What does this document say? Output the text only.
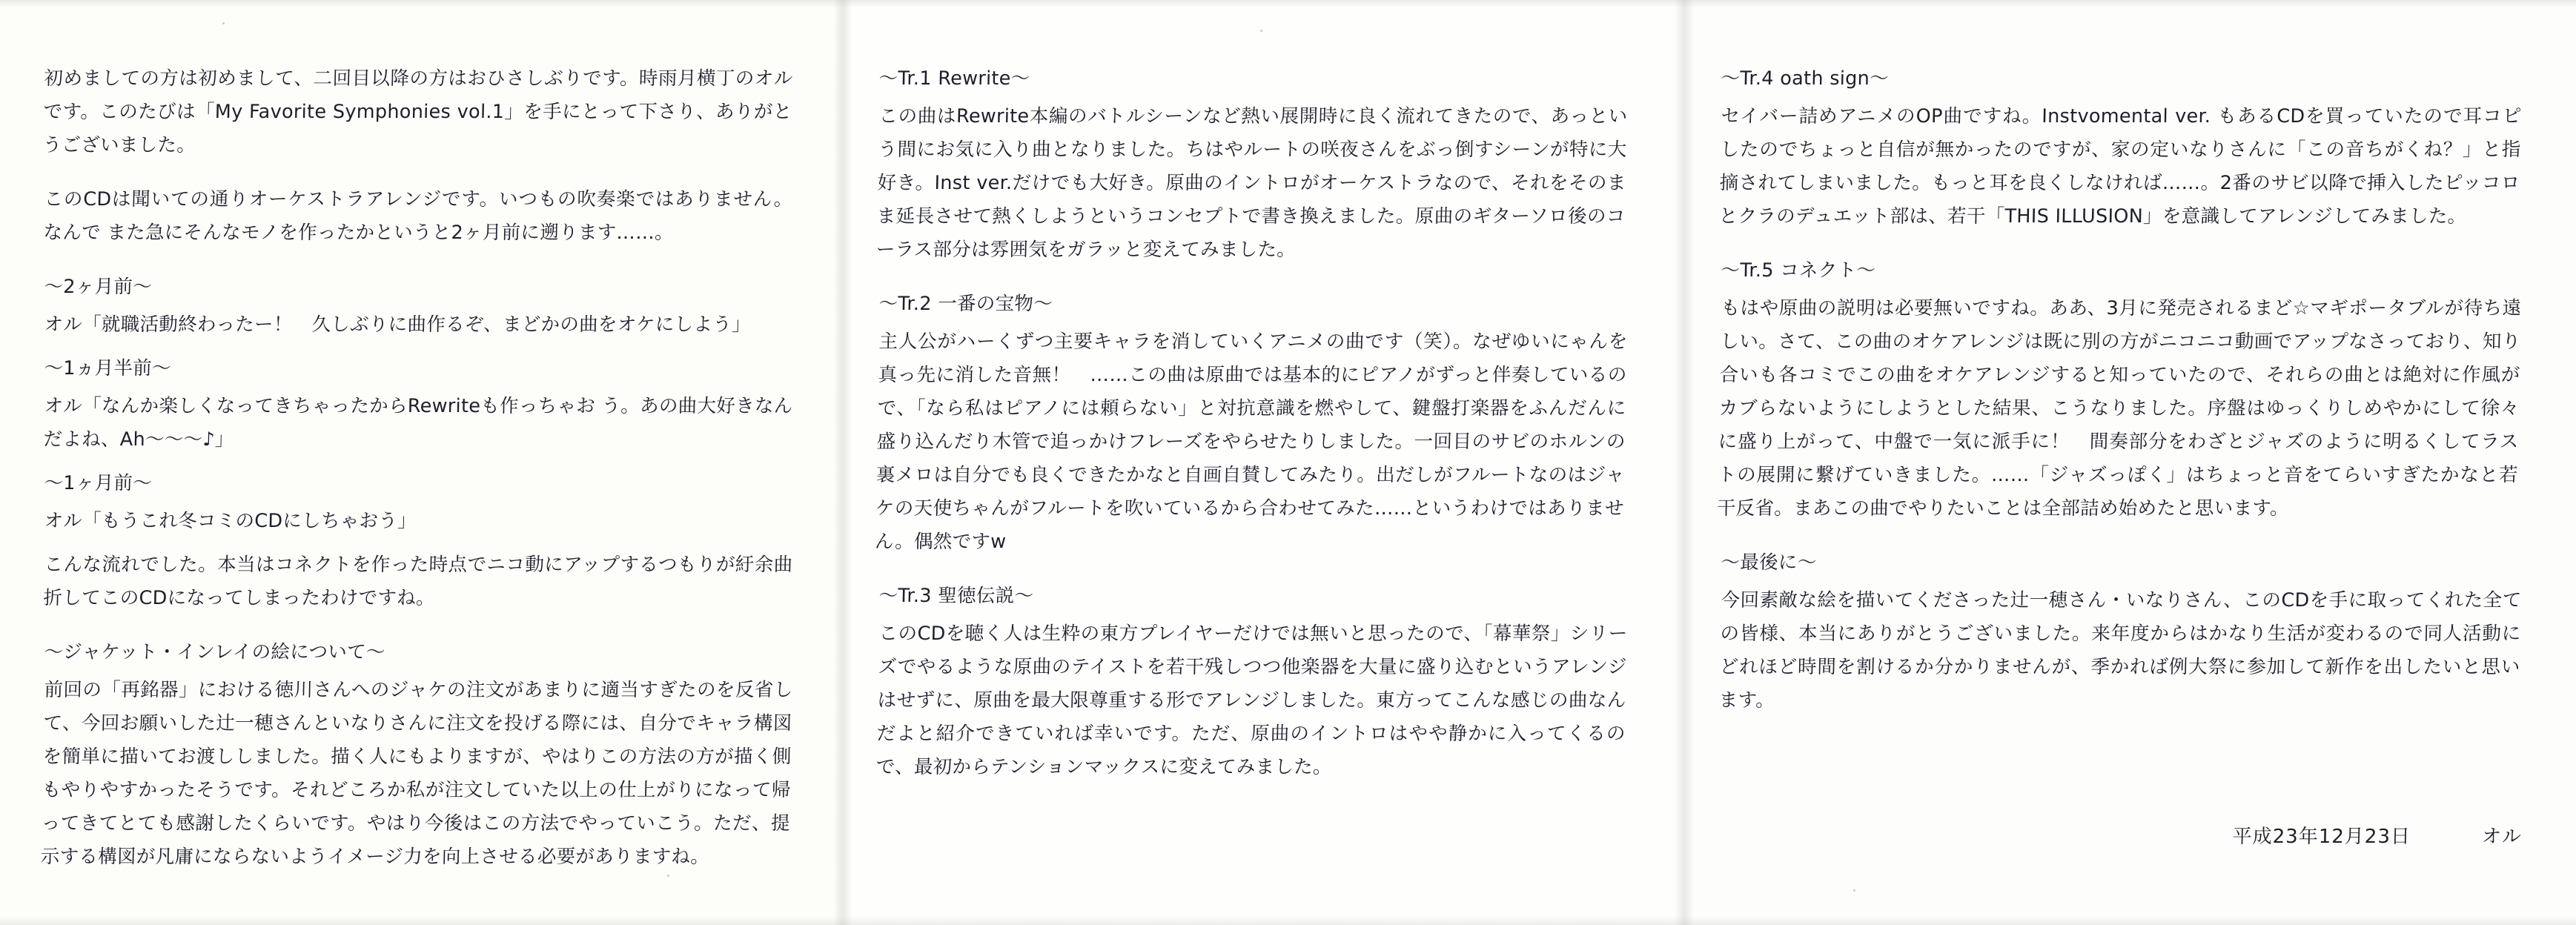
初めましての方は初めまして、二回目以降の方はおひさしぶりです。時雨月横丁のオルです。このたびは「My Favorite Symphonies vol.1」を手にとって下さり、ありがとうございました。

このCDは聞いての通りオーケストラアレンジです。いつもの吹奏楽ではありません。なんで また急にそんなモノを作ったかというと2ヶ月前に遡ります……。

～2ヶ月前～

オル「就職活動終わったー！　久しぶりに曲作るぞ、まどかの曲をオケにしよう」

～1ヵ月半前～

オル「なんか楽しくなってきちゃったからRewriteも作っちゃお う。あの曲大好きなんだよね、Ah～～～♪」

～1ヶ月前～

オル「もうこれ冬コミのCDにしちゃおう」

こんな流れでした。本当はコネクトを作った時点でニコ動にアップするつもりが紆余曲折してこのCDになってしまったわけですね。

～ジャケット・インレイの絵について～

前回の「再銘器」における徳川さんへのジャケの注文があまりに適当すぎたのを反省して、今回お願いした辻一穂さんといなりさんに注文を投げる際には、自分でキャラ構図を簡単に描いてお渡ししました。描く人にもよりますが、やはりこの方法の方が描く側もやりやすかったそうです。それどころか私が注文していた以上の仕上がりになって帰ってきてとても感謝したくらいです。やはり今後はこの方法でやっていこう。ただ、提示する構図が凡庸にならないようイメージ力を向上させる必要がありますね。

～Tr.1 Rewrite～

この曲はRewrite本編のバトルシーンなど熱い展開時に良く流れてきたので、あっという間にお気に入り曲となりました。ちはやルートの咲夜さんをぶっ倒すシーンが特に大好き。Inst ver.だけでも大好き。原曲のイントロがオーケストラなので、それをそのまま延長させて熱くしようというコンセプトで書き換えました。原曲のギターソロ後のコーラス部分は雰囲気をガラッと変えてみました。

～Tr.2 一番の宝物～

主人公がハーくずつ主要キャラを消していくアニメの曲です（笑）。なぜゆいにゃんを真っ先に消した音無！　……この曲は原曲では基本的にピアノがずっと伴奏しているので、「なら私はピアノには頼らない」と対抗意識を燃やして、鍵盤打楽器をふんだんに盛り込んだり木管で追っかけフレーズをやらせたりしました。一回目のサビのホルンの裏メロは自分でも良くできたかなと自画自賛してみたり。出だしがフルートなのはジャケの天使ちゃんがフルートを吹いているから合わせてみた……というわけではありません。偶然ですw

～Tr.3 聖徳伝説～

このCDを聴く人は生粋の東方プレイヤーだけでは無いと思ったので、「幕華祭」シリーズでやるような原曲のテイストを若干残しつつ他楽器を大量に盛り込むというアレンジはせずに、原曲を最大限尊重する形でアレンジしました。東方ってこんな感じの曲なんだよと紹介できていれば幸いです。ただ、原曲のイントロはやや静かに入ってくるので、最初からテンションマックスに変えてみました。

～Tr.4 oath sign～

セイバー詰めアニメのOP曲ですね。Instvomental ver. もあるCDを買っていたので耳コピしたのでちょっと自信が無かったのですが、家の定いなりさんに「この音ちがくね？」と指摘されてしまいました。もっと耳を良くしなければ……。2番のサビ以降で挿入したピッコロとクラのデュエット部は、若干「THIS ILLUSION」を意識してアレンジしてみました。

～Tr.5 コネクト～

もはや原曲の説明は必要無いですね。ああ、3月に発売されるまど☆マギポータブルが待ち遠しい。さて、この曲のオケアレンジは既に別の方がニコニコ動画でアップなさっており、知り合いも各コミでこの曲をオケアレンジすると知っていたので、それらの曲とは絶対に作風がカブらないようにしようとした結果、こうなりました。序盤はゆっくりしめやかにして徐々に盛り上がって、中盤で一気に派手に！　間奏部分をわざとジャズのように明るくしてラストの展開に繋げていきました。……「ジャズっぽく」はちょっと音をてらいすぎたかなと若干反省。まあこの曲でやりたいことは全部詰め始めたと思います。

～最後に～

今回素敵な絵を描いてくださった辻一穂さん・いなりさん、このCDを手に取ってくれた全ての皆様、本当にありがとうございました。来年度からはかなり生活が変わるので同人活動にどれほど時間を割けるか分かりませんが、季かれば例大祭に参加して新作を出したいと思います。

平成23年12月23日	オル
